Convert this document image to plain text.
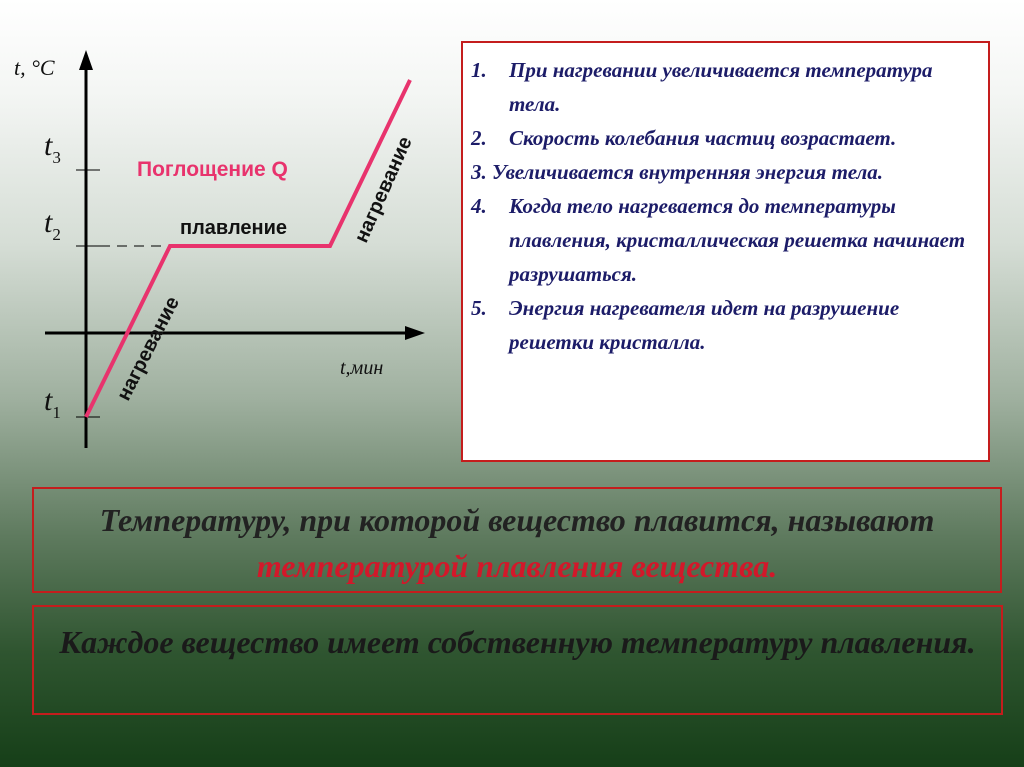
t, °C
t,мин
$t_3$
$t_2$
$t_1$
Поглощение Q
плавление	нагревание
нагревание
1. При нагревании увеличивается температура тела.
2. Скорость колебания частиц возрастает.
3. Увеличивается внутренняя энергия тела.
4. Когда тело нагревается до температуры плавления, кристаллическая решетка начинает разрушаться.
5. Энергия нагревателя идет на разрушение решетки кристалла.
Температуру, при которой вещество плавится, называют температурой плавления вещества.
Каждое вещество имеет собственную температуру плавления.
